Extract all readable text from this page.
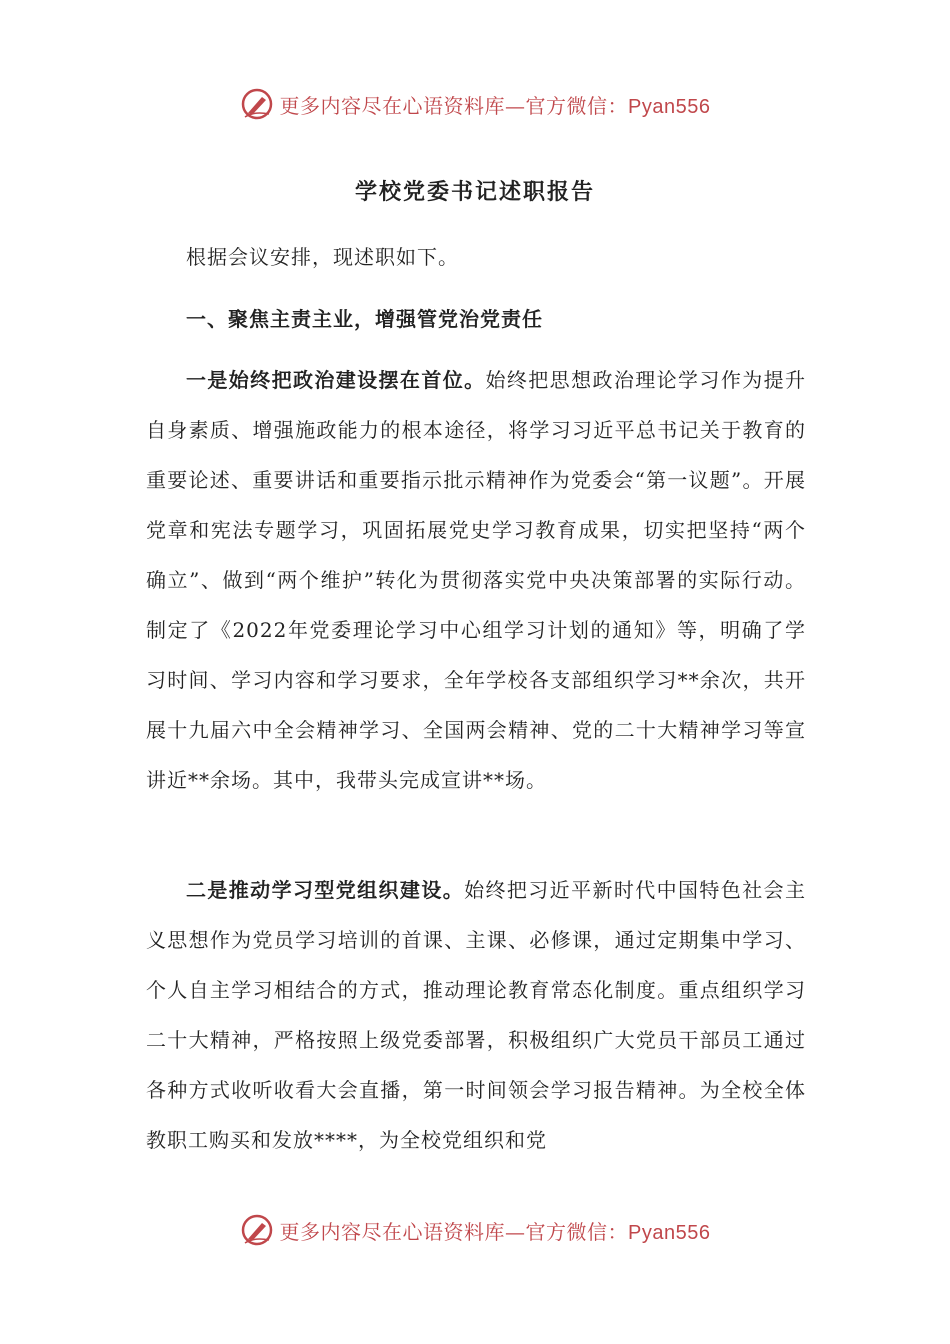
更多内容尽在心语资料库—官方微信：Pyan556
学校党委书记述职报告

根据会议安排，现述职如下。

一、聚焦主责主业，增强管党治党责任

一是始终把政治建设摆在首位。始终把思想政治理论学习作为提升自身素质、增强施政能力的根本途径，将学习习近平总书记关于教育的重要论述、重要讲话和重要指示批示精神作为党委会“第一议题”。开展党章和宪法专题学习，巩固拓展党史学习教育成果，切实把坚持“两个确立”、做到“两个维护”转化为贯彻落实党中央决策部署的实际行动。制定了《2022年党委理论学习中心组学习计划的通知》等，明确了学习时间、学习内容和学习要求，全年学校各支部组织学习**余次，共开展十九届六中全会精神学习、全国两会精神、党的二十大精神学习等宣讲近**余场。其中，我带头完成宣讲**场。

二是推动学习型党组织建设。始终把习近平新时代中国特色社会主义思想作为党员学习培训的首课、主课、必修课，通过定期集中学习、个人自主学习相结合的方式，推动理论教育常态化制度。重点组织学习二十大精神，严格按照上级党委部署，积极组织广大党员干部员工通过各种方式收听收看大会直播，第一时间领会学习报告精神。为全校全体教职工购买和发放****，为全校党组织和党

更多内容尽在心语资料库—官方微信：Pyan556
